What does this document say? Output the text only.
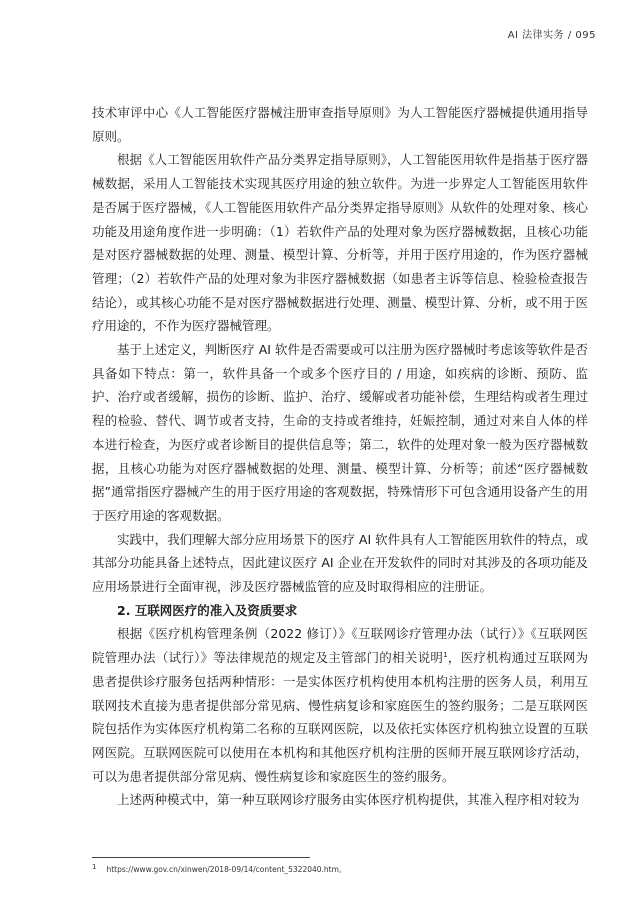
AI 法律实务 / 095

技术审评中心《人工智能医疗器械注册审查指导原则》为人工智能医疗器械提供通用指导原则。

根据《人工智能医用软件产品分类界定指导原则》，人工智能医用软件是指基于医疗器械数据，采用人工智能技术实现其医疗用途的独立软件。为进一步界定人工智能医用软件是否属于医疗器械，《人工智能医用软件产品分类界定指导原则》从软件的处理对象、核心功能及用途角度作进一步明确：（1）若软件产品的处理对象为医疗器械数据，且核心功能是对医疗器械数据的处理、测量、模型计算、分析等，并用于医疗用途的，作为医疗器械管理；（2）若软件产品的处理对象为非医疗器械数据（如患者主诉等信息、检验检查报告结论），或其核心功能不是对医疗器械数据进行处理、测量、模型计算、分析，或不用于医疗用途的，不作为医疗器械管理。

基于上述定义，判断医疗 AI 软件是否需要或可以注册为医疗器械时考虑该等软件是否具备如下特点：第一，软件具备一个或多个医疗目的 / 用途，如疾病的诊断、预防、监护、治疗或者缓解，损伤的诊断、监护、治疗、缓解或者功能补偿，生理结构或者生理过程的检验、替代、调节或者支持，生命的支持或者维持，妊娠控制，通过对来自人体的样本进行检查，为医疗或者诊断目的提供信息等；第二，软件的处理对象一般为医疗器械数据，且核心功能为对医疗器械数据的处理、测量、模型计算、分析等；前述“医疗器械数据”通常指医疗器械产生的用于医疗用途的客观数据，特殊情形下可包含通用设备产生的用于医疗用途的客观数据。

实践中，我们理解大部分应用场景下的医疗 AI 软件具有人工智能医用软件的特点，或其部分功能具备上述特点，因此建议医疗 AI 企业在开发软件的同时对其涉及的各项功能及应用场景进行全面审视，涉及医疗器械监管的应及时取得相应的注册证。

2. 互联网医疗的准入及资质要求

根据《医疗机构管理条例（2022 修订）》《互联网诊疗管理办法（试行）》《互联网医院管理办法（试行）》等法律规范的规定及主管部门的相关说明$^1$，医疗机构通过互联网为患者提供诊疗服务包括两种情形：一是实体医疗机构使用本机构注册的医务人员，利用互联网技术直接为患者提供部分常见病、慢性病复诊和家庭医生的签约服务；二是互联网医院包括作为实体医疗机构第二名称的互联网医院，以及依托实体医疗机构独立设置的互联网医院。互联网医院可以使用在本机构和其他医疗机构注册的医师开展互联网诊疗活动，可以为患者提供部分常见病、慢性病复诊和家庭医生的签约服务。

上述两种模式中，第一种互联网诊疗服务由实体医疗机构提供，其准入程序相对较为

$^1$ https://www.gov.cn/xinwen/2018-09/14/content_5322040.htm。
